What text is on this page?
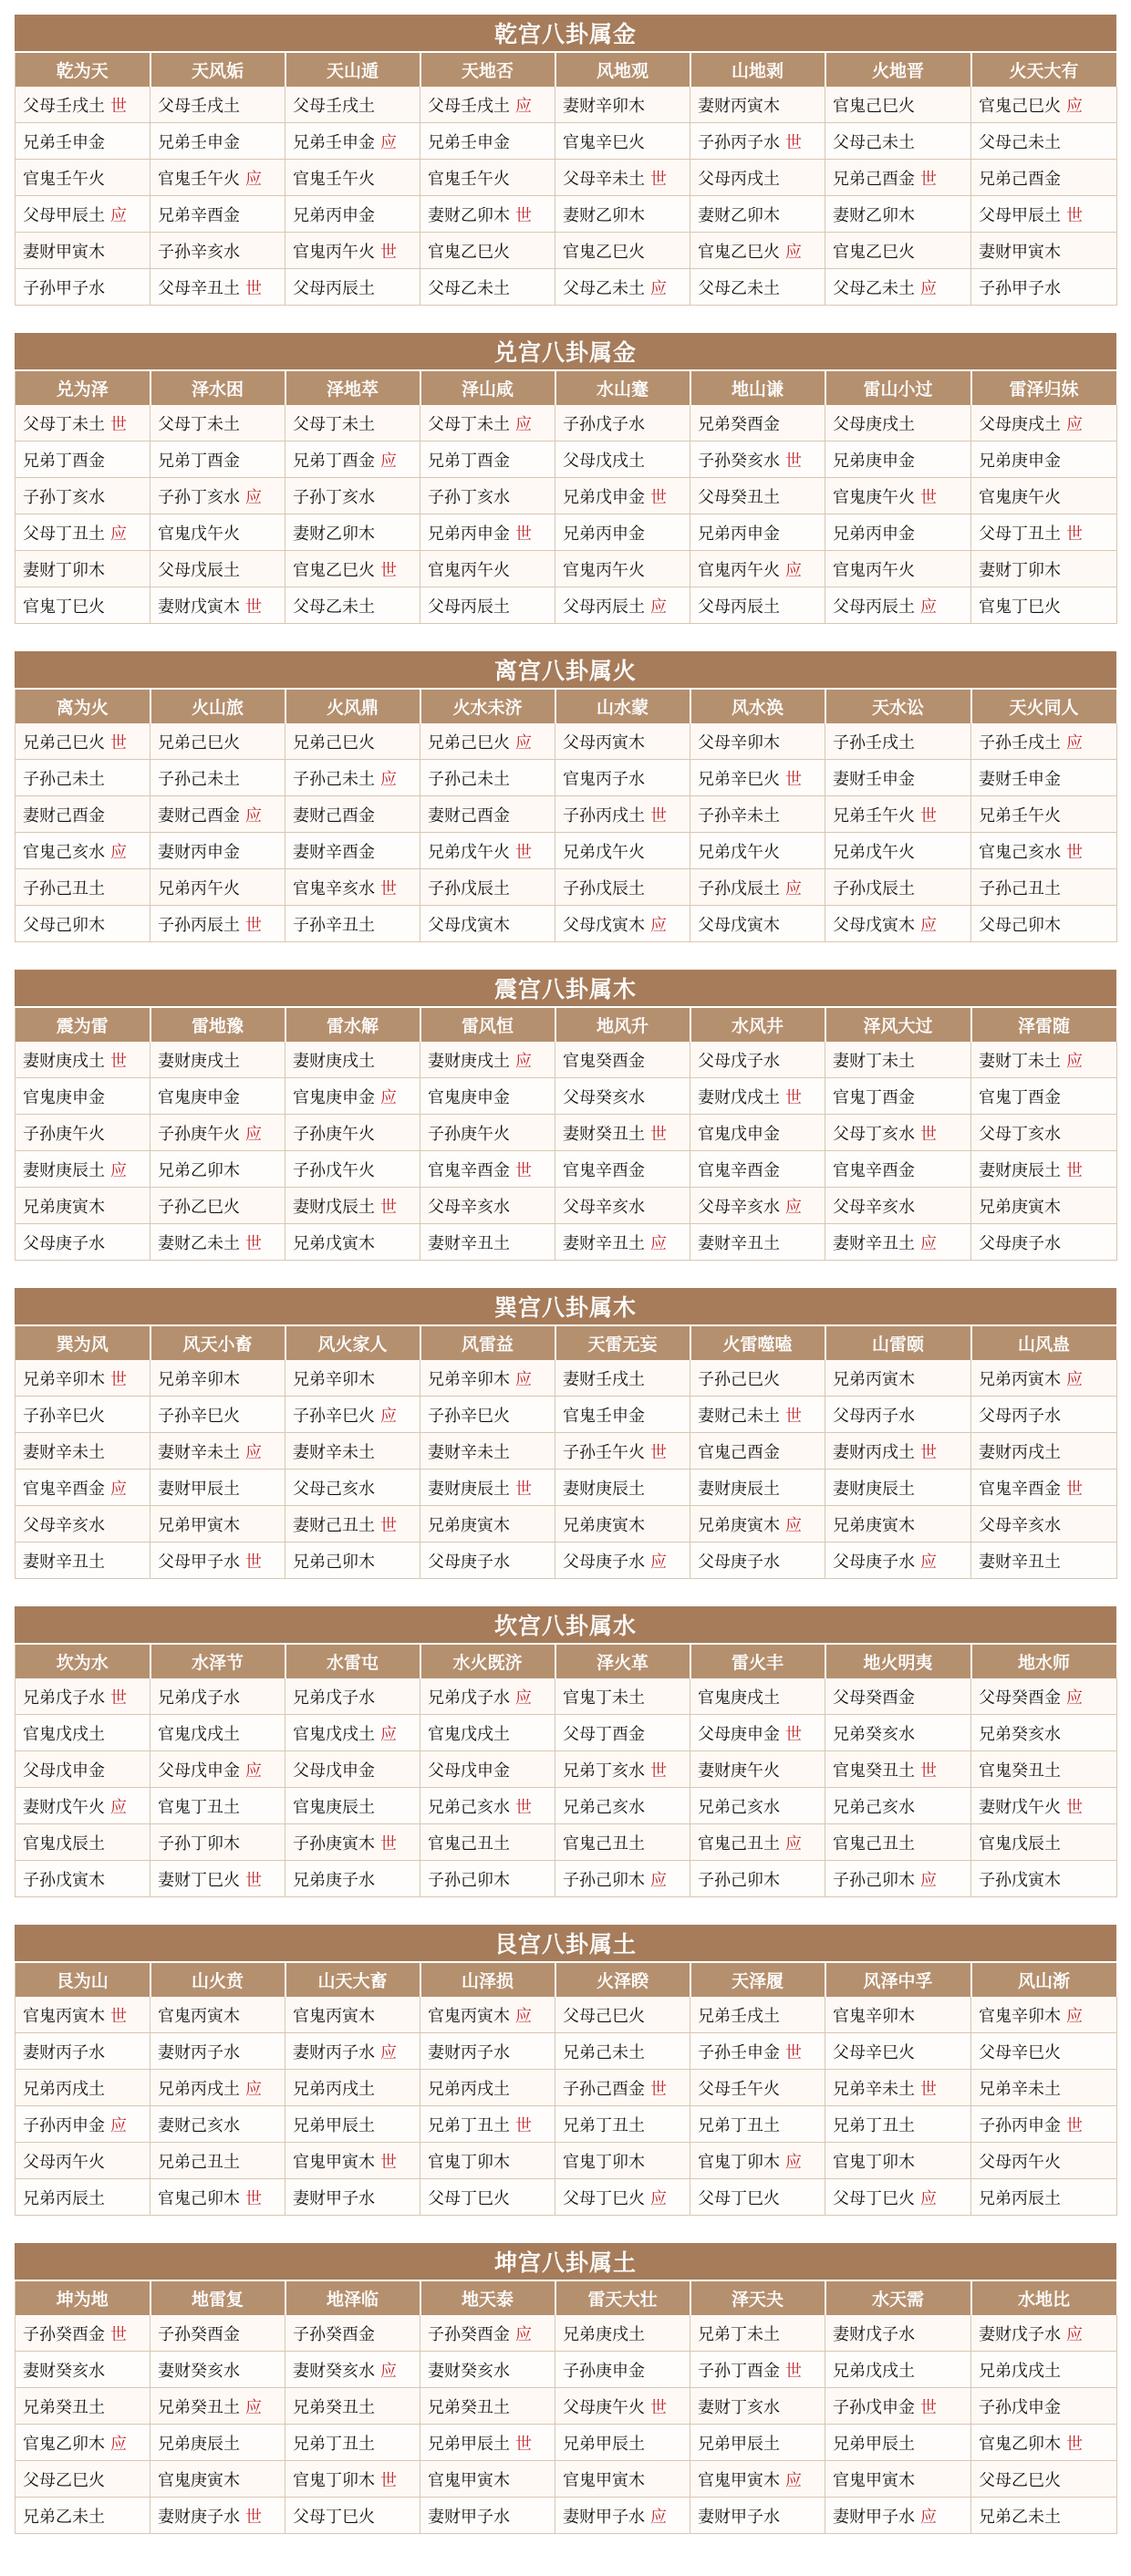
乾宫八卦属金
乾为天	天风姤	天山遁	天地否	风地观	山地剥	火地晋	火天大有
父母壬戌土 世	父母壬戌土	父母壬戌土	父母壬戌土 应	妻财辛卯木	妻财丙寅木	官鬼己巳火	官鬼己巳火 应
兄弟壬申金	兄弟壬申金	兄弟壬申金 应	兄弟壬申金	官鬼辛巳火	子孙丙子水 世	父母己未土	父母己未土
官鬼壬午火	官鬼壬午火 应	官鬼壬午火	官鬼壬午火	父母辛未土 世	父母丙戌土	兄弟己酉金 世	兄弟己酉金
父母甲辰土 应	兄弟辛酉金	兄弟丙申金	妻财乙卯木 世	妻财乙卯木	妻财乙卯木	妻财乙卯木	父母甲辰土 世
妻财甲寅木	子孙辛亥水	官鬼丙午火 世	官鬼乙巳火	官鬼乙巳火	官鬼乙巳火 应	官鬼乙巳火	妻财甲寅木
子孙甲子水	父母辛丑土 世	父母丙辰土	父母乙未土	父母乙未土 应	父母乙未土	父母乙未土 应	子孙甲子水
兑宫八卦属金
兑为泽	泽水困	泽地萃	泽山咸	水山蹇	地山谦	雷山小过	雷泽归妹
父母丁未土 世	父母丁未土	父母丁未土	父母丁未土 应	子孙戊子水	兄弟癸酉金	父母庚戌土	父母庚戌土 应
兄弟丁酉金	兄弟丁酉金	兄弟丁酉金 应	兄弟丁酉金	父母戊戌土	子孙癸亥水 世	兄弟庚申金	兄弟庚申金
子孙丁亥水	子孙丁亥水 应	子孙丁亥水	子孙丁亥水	兄弟戊申金 世	父母癸丑土	官鬼庚午火 世	官鬼庚午火
父母丁丑土 应	官鬼戊午火	妻财乙卯木	兄弟丙申金 世	兄弟丙申金	兄弟丙申金	兄弟丙申金	父母丁丑土 世
妻财丁卯木	父母戊辰土	官鬼乙巳火 世	官鬼丙午火	官鬼丙午火	官鬼丙午火 应	官鬼丙午火	妻财丁卯木
官鬼丁巳火	妻财戊寅木 世	父母乙未土	父母丙辰土	父母丙辰土 应	父母丙辰土	父母丙辰土 应	官鬼丁巳火
离宫八卦属火
离为火	火山旅	火风鼎	火水未济	山水蒙	风水涣	天水讼	天火同人
兄弟己巳火 世	兄弟己巳火	兄弟己巳火	兄弟己巳火 应	父母丙寅木	父母辛卯木	子孙壬戌土	子孙壬戌土 应
子孙己未土	子孙己未土	子孙己未土 应	子孙己未土	官鬼丙子水	兄弟辛巳火 世	妻财壬申金	妻财壬申金
妻财己酉金	妻财己酉金 应	妻财己酉金	妻财己酉金	子孙丙戌土 世	子孙辛未土	兄弟壬午火 世	兄弟壬午火
官鬼己亥水 应	妻财丙申金	妻财辛酉金	兄弟戊午火 世	兄弟戊午火	兄弟戊午火	兄弟戊午火	官鬼己亥水 世
子孙己丑土	兄弟丙午火	官鬼辛亥水 世	子孙戊辰土	子孙戊辰土	子孙戊辰土 应	子孙戊辰土	子孙己丑土
父母己卯木	子孙丙辰土 世	子孙辛丑土	父母戊寅木	父母戊寅木 应	父母戊寅木	父母戊寅木 应	父母己卯木
震宫八卦属木
震为雷	雷地豫	雷水解	雷风恒	地风升	水风井	泽风大过	泽雷随
妻财庚戌土 世	妻财庚戌土	妻财庚戌土	妻财庚戌土 应	官鬼癸酉金	父母戊子水	妻财丁未土	妻财丁未土 应
官鬼庚申金	官鬼庚申金	官鬼庚申金 应	官鬼庚申金	父母癸亥水	妻财戊戌土 世	官鬼丁酉金	官鬼丁酉金
子孙庚午火	子孙庚午火 应	子孙庚午火	子孙庚午火	妻财癸丑土 世	官鬼戊申金	父母丁亥水 世	父母丁亥水
妻财庚辰土 应	兄弟乙卯木	子孙戊午火	官鬼辛酉金 世	官鬼辛酉金	官鬼辛酉金	官鬼辛酉金	妻财庚辰土 世
兄弟庚寅木	子孙乙巳火	妻财戊辰土 世	父母辛亥水	父母辛亥水	父母辛亥水 应	父母辛亥水	兄弟庚寅木
父母庚子水	妻财乙未土 世	兄弟戊寅木	妻财辛丑土	妻财辛丑土 应	妻财辛丑土	妻财辛丑土 应	父母庚子水
巽宫八卦属木
巽为风	风天小畜	风火家人	风雷益	天雷无妄	火雷噬嗑	山雷颐	山风蛊
兄弟辛卯木 世	兄弟辛卯木	兄弟辛卯木	兄弟辛卯木 应	妻财壬戌土	子孙己巳火	兄弟丙寅木	兄弟丙寅木 应
子孙辛巳火	子孙辛巳火	子孙辛巳火 应	子孙辛巳火	官鬼壬申金	妻财己未土 世	父母丙子水	父母丙子水
妻财辛未土	妻财辛未土 应	妻财辛未土	妻财辛未土	子孙壬午火 世	官鬼己酉金	妻财丙戌土 世	妻财丙戌土
官鬼辛酉金 应	妻财甲辰土	父母己亥水	妻财庚辰土 世	妻财庚辰土	妻财庚辰土	妻财庚辰土	官鬼辛酉金 世
父母辛亥水	兄弟甲寅木	妻财己丑土 世	兄弟庚寅木	兄弟庚寅木	兄弟庚寅木 应	兄弟庚寅木	父母辛亥水
妻财辛丑土	父母甲子水 世	兄弟己卯木	父母庚子水	父母庚子水 应	父母庚子水	父母庚子水 应	妻财辛丑土
坎宫八卦属水
坎为水	水泽节	水雷屯	水火既济	泽火革	雷火丰	地火明夷	地水师
兄弟戊子水 世	兄弟戊子水	兄弟戊子水	兄弟戊子水 应	官鬼丁未土	官鬼庚戌土	父母癸酉金	父母癸酉金 应
官鬼戊戌土	官鬼戊戌土	官鬼戊戌土 应	官鬼戊戌土	父母丁酉金	父母庚申金 世	兄弟癸亥水	兄弟癸亥水
父母戊申金	父母戊申金 应	父母戊申金	父母戊申金	兄弟丁亥水 世	妻财庚午火	官鬼癸丑土 世	官鬼癸丑土
妻财戊午火 应	官鬼丁丑土	官鬼庚辰土	兄弟己亥水 世	兄弟己亥水	兄弟己亥水	兄弟己亥水	妻财戊午火 世
官鬼戊辰土	子孙丁卯木	子孙庚寅木 世	官鬼己丑土	官鬼己丑土	官鬼己丑土 应	官鬼己丑土	官鬼戊辰土
子孙戊寅木	妻财丁巳火 世	兄弟庚子水	子孙己卯木	子孙己卯木 应	子孙己卯木	子孙己卯木 应	子孙戊寅木
艮宫八卦属土
艮为山	山火贲	山天大畜	山泽损	火泽睽	天泽履	风泽中孚	风山渐
官鬼丙寅木 世	官鬼丙寅木	官鬼丙寅木	官鬼丙寅木 应	父母己巳火	兄弟壬戌土	官鬼辛卯木	官鬼辛卯木 应
妻财丙子水	妻财丙子水	妻财丙子水 应	妻财丙子水	兄弟己未土	子孙壬申金 世	父母辛巳火	父母辛巳火
兄弟丙戌土	兄弟丙戌土 应	兄弟丙戌土	兄弟丙戌土	子孙己酉金 世	父母壬午火	兄弟辛未土 世	兄弟辛未土
子孙丙申金 应	妻财己亥水	兄弟甲辰土	兄弟丁丑土 世	兄弟丁丑土	兄弟丁丑土	兄弟丁丑土	子孙丙申金 世
父母丙午火	兄弟己丑土	官鬼甲寅木 世	官鬼丁卯木	官鬼丁卯木	官鬼丁卯木 应	官鬼丁卯木	父母丙午火
兄弟丙辰土	官鬼己卯木 世	妻财甲子水	父母丁巳火	父母丁巳火 应	父母丁巳火	父母丁巳火 应	兄弟丙辰土
坤宫八卦属土
坤为地	地雷复	地泽临	地天泰	雷天大壮	泽天夬	水天需	水地比
子孙癸酉金 世	子孙癸酉金	子孙癸酉金	子孙癸酉金 应	兄弟庚戌土	兄弟丁未土	妻财戊子水	妻财戊子水 应
妻财癸亥水	妻财癸亥水	妻财癸亥水 应	妻财癸亥水	子孙庚申金	子孙丁酉金 世	兄弟戊戌土	兄弟戊戌土
兄弟癸丑土	兄弟癸丑土 应	兄弟癸丑土	兄弟癸丑土	父母庚午火 世	妻财丁亥水	子孙戊申金 世	子孙戊申金
官鬼乙卯木 应	兄弟庚辰土	兄弟丁丑土	兄弟甲辰土 世	兄弟甲辰土	兄弟甲辰土	兄弟甲辰土	官鬼乙卯木 世
父母乙巳火	官鬼庚寅木	官鬼丁卯木 世	官鬼甲寅木	官鬼甲寅木	官鬼甲寅木 应	官鬼甲寅木	父母乙巳火
兄弟乙未土	妻财庚子水 世	父母丁巳火	妻财甲子水	妻财甲子水 应	妻财甲子水	妻财甲子水 应	兄弟乙未土
